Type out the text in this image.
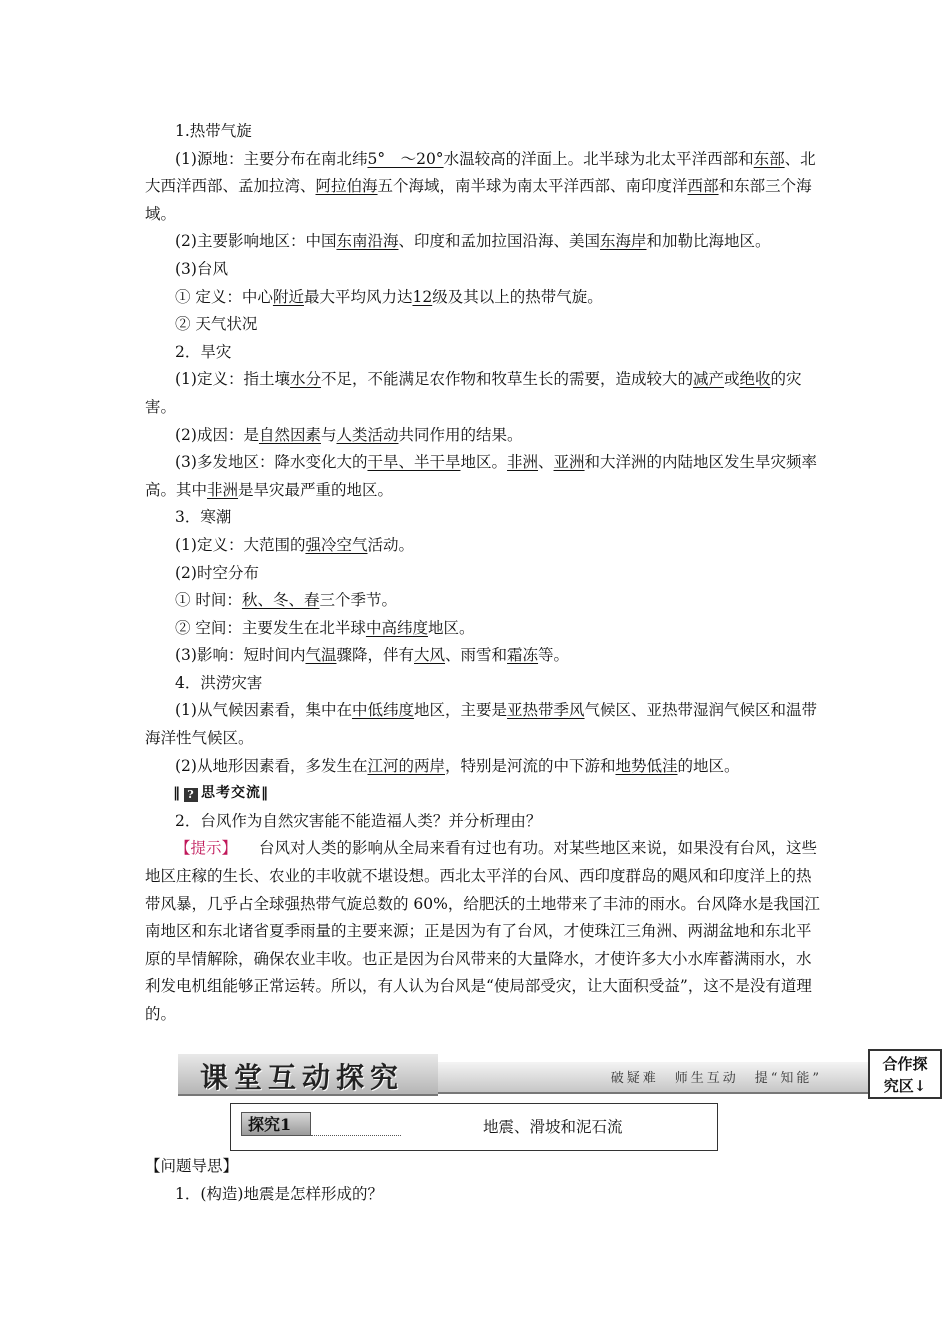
1.热带气旋

(1)源地：主要分布在南北纬5°　～20°水温较高的洋面上。北半球为北太平洋西部和东部、北大西洋西部、孟加拉湾、阿拉伯海五个海域，南半球为南太平洋西部、南印度洋西部和东部三个海域。

(2)主要影响地区：中国东南沿海、印度和孟加拉国沿海、美国东海岸和加勒比海地区。

(3)台风

① 定义：中心附近最大平均风力达12级及其以上的热带气旋。

② 天气状况

2．旱灾

(1)定义：指土壤水分不足，不能满足农作物和牧草生长的需要，造成较大的减产或绝收的灾害。

(2)成因：是自然因素与人类活动共同作用的结果。

(3)多发地区：降水变化大的干旱、半干旱地区。非洲、亚洲和大洋洲的内陆地区发生旱灾频率高。其中非洲是旱灾最严重的地区。

3．寒潮

(1)定义：大范围的强冷空气活动。

(2)时空分布

① 时间：秋、冬、春三个季节。

② 空间：主要发生在北半球中高纬度地区。

(3)影响：短时间内气温骤降，伴有大风、雨雪和霜冻等。

4．洪涝灾害

(1)从气候因素看，集中在中低纬度地区，主要是亚热带季风气候区、亚热带湿润气候区和温带海洋性气候区。

(2)从地形因素看，多发生在江河的两岸，特别是河流的中下游和地势低洼的地区。

‖ ? 思考交流‖

2．台风作为自然灾害能不能造福人类？并分析理由？

【提示】 台风对人类的影响从全局来看有过也有功。对某些地区来说，如果没有台风，这些地区庄稼的生长、农业的丰收就不堪设想。西北太平洋的台风、西印度群岛的飓风和印度洋上的热带风暴，几乎占全球强热带气旋总数的 60%，给肥沃的土地带来了丰沛的雨水。台风降水是我国江南地区和东北诸省夏季雨量的主要来源；正是因为有了台风，才使珠江三角洲、两湖盆地和东北平原的旱情解除，确保农业丰收。也正是因为台风带来的大量降水，才使许多大小水库蓄满雨水，水利发电机组能够正常运转。所以，有人认为台风是“使局部受灾，让大面积受益”，这不是没有道理的。

课堂互动探究	破疑难　师生互动　提“知能”
合作探
究区↓
探究1	地震、滑坡和泥石流
【问题导思】
1．(构造)地震是怎样形成的？
